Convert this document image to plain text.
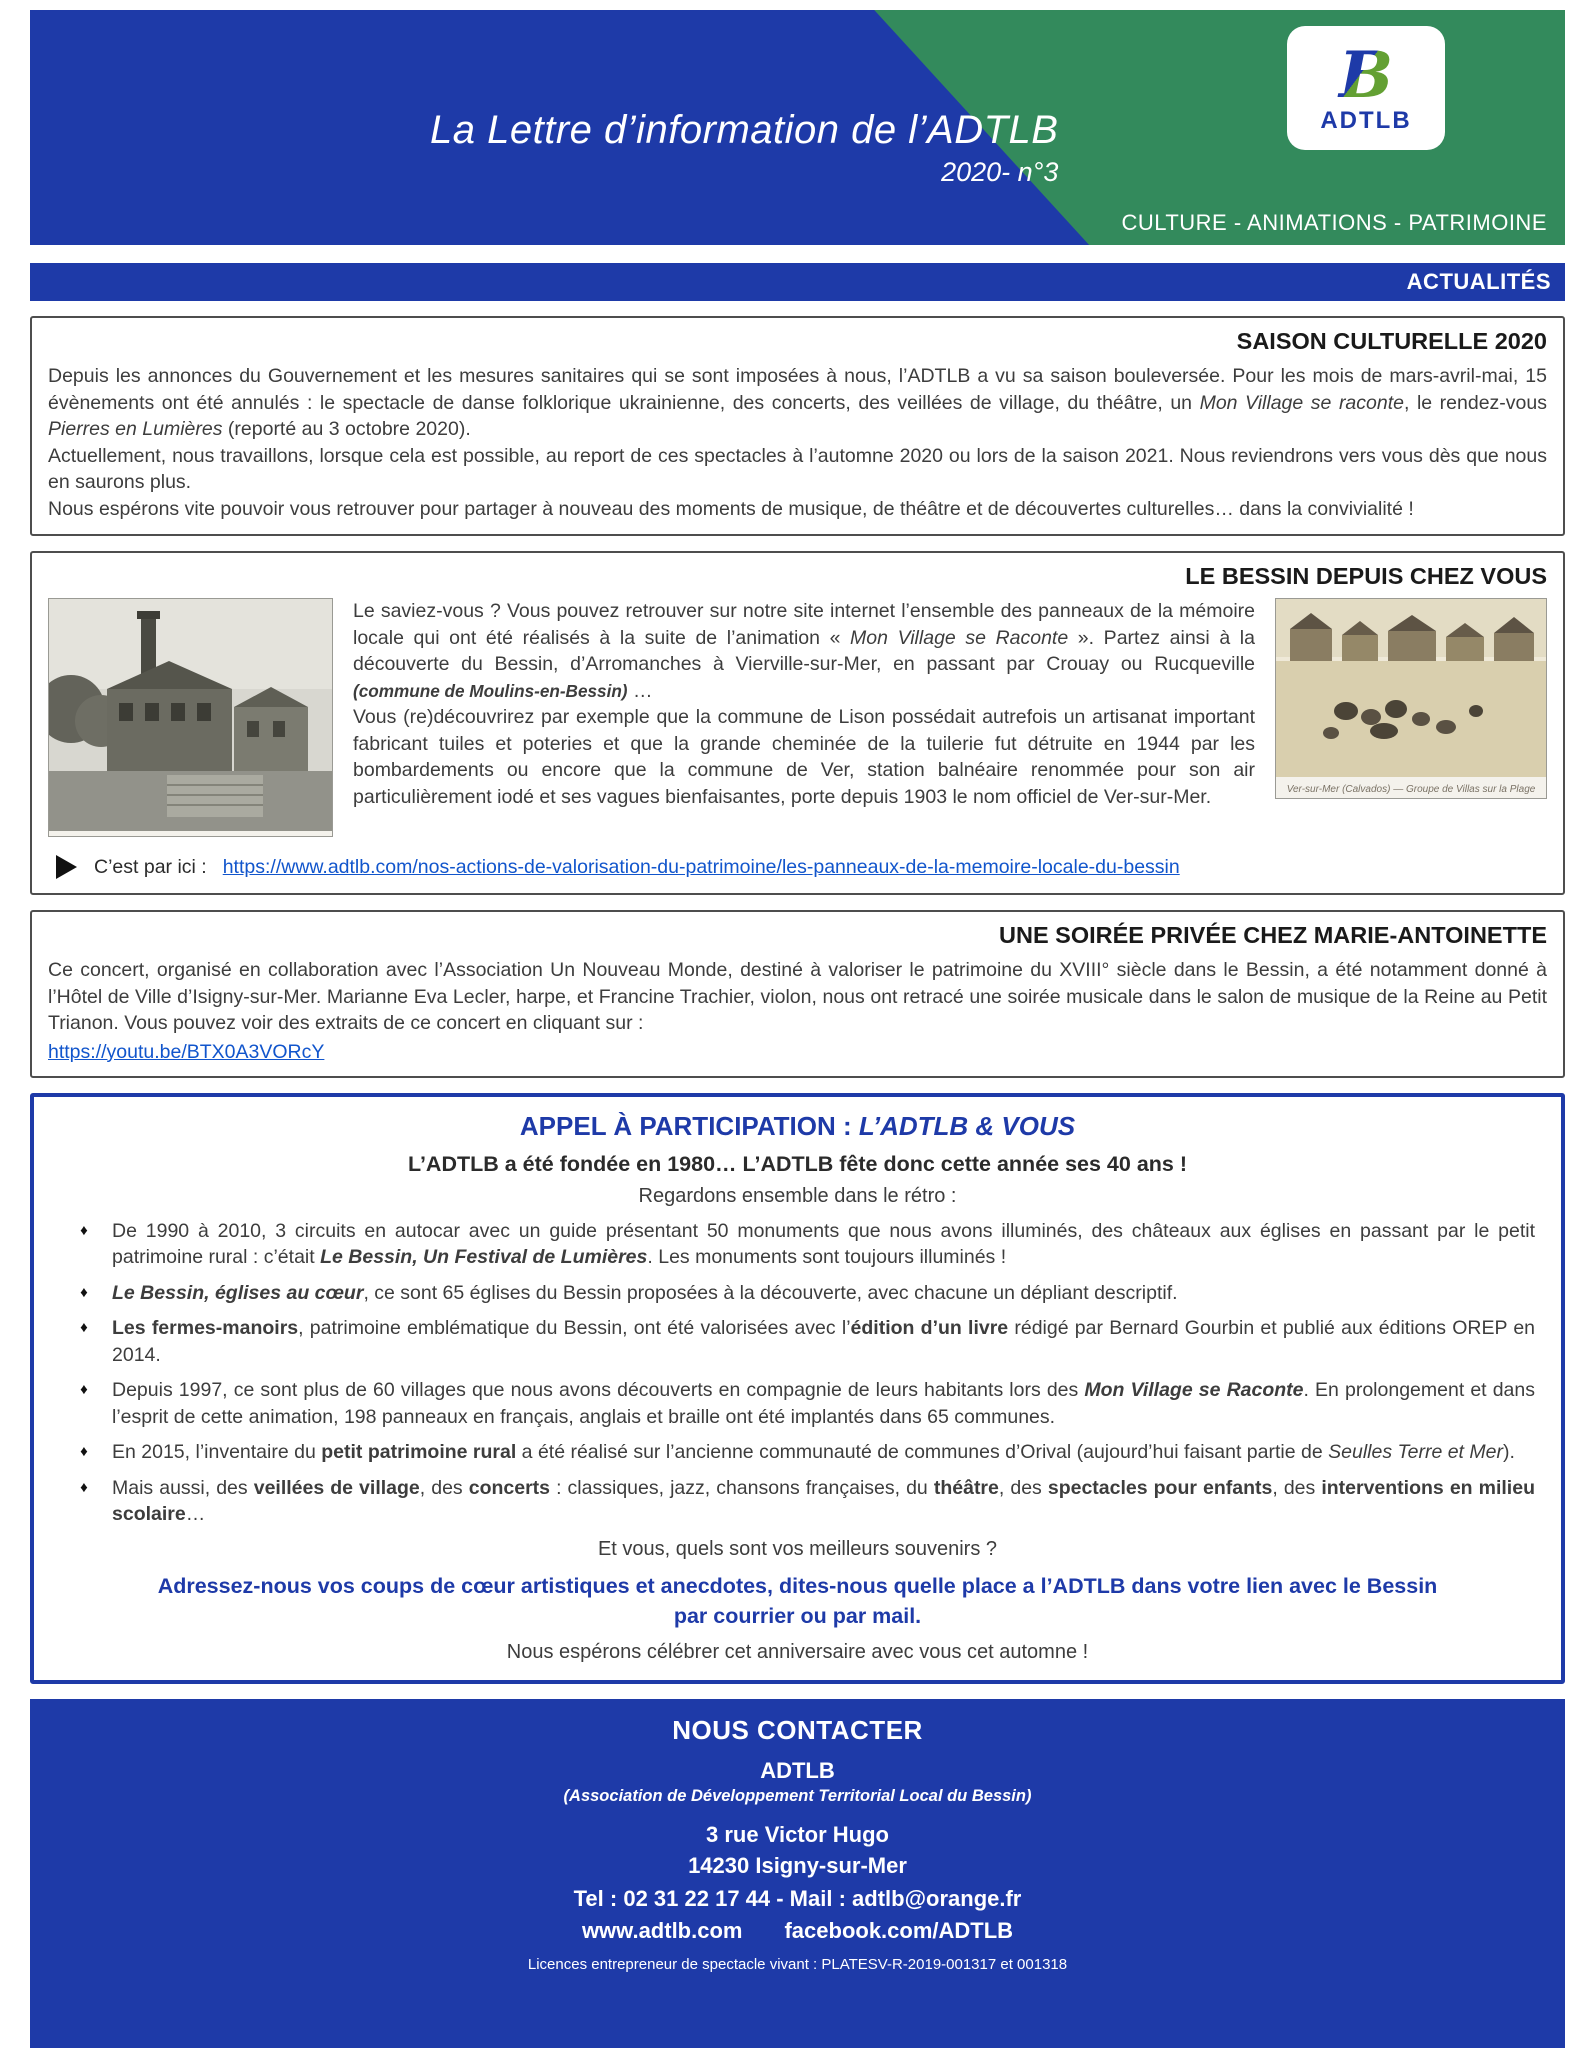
La Lettre d’information de l’ADTLB
2020- n°3
B
ADTLB
CULTURE - ANIMATIONS - PATRIMOINE
ACTUALITÉS
SAISON CULTURELLE 2020

Depuis les annonces du Gouvernement et les mesures sanitaires qui se sont imposées à nous, l’ADTLB a vu sa saison bouleversée. Pour les mois de mars-avril-mai, 15 évènements ont été annulés : le spectacle de danse folklorique ukrainienne, des concerts, des veillées de village, du théâtre, un Mon Village se raconte, le rendez-vous Pierres en Lumières (reporté au 3 octobre 2020).

Actuellement, nous travaillons, lorsque cela est possible, au report de ces spectacles à l’automne 2020 ou lors de la saison 2021. Nous reviendrons vers vous dès que nous en saurons plus.

Nous espérons vite pouvoir vous retrouver pour partager à nouveau des moments de musique, de théâtre et de découvertes culturelles… dans la convivialité !

LE BESSIN DEPUIS CHEZ VOUS

Le saviez-vous ? Vous pouvez retrouver sur notre site internet l’ensemble des panneaux de la mémoire locale qui ont été réalisés à la suite de l’animation « Mon Village se Raconte ». Partez ainsi à la découverte du Bessin, d’Arromanches à Vierville-sur-Mer, en passant par Crouay ou Rucqueville (commune de Moulins-en-Bessin) …

Vous (re)découvrirez par exemple que la commune de Lison possédait autrefois un artisanat important fabricant tuiles et poteries et que la grande cheminée de la tuilerie fut détruite en 1944 par les bombardements ou encore que la commune de Ver, station balnéaire renommée pour son air particulièrement iodé et ses vagues bienfaisantes, porte depuis 1903 le nom officiel de Ver-sur-Mer.	Ver-sur-Mer (Calvados) — Groupe de Villas sur la Plage
C’est par ici : https://www.adtlb.com/nos-actions-de-valorisation-du-patrimoine/les-panneaux-de-la-memoire-locale-du-bessin
UNE SOIRÉE PRIVÉE CHEZ MARIE-ANTOINETTE

Ce concert, organisé en collaboration avec l’Association Un Nouveau Monde, destiné à valoriser le patrimoine du XVIII° siècle dans le Bessin, a été notamment donné à l’Hôtel de Ville d’Isigny-sur-Mer. Marianne Eva Lecler, harpe, et Francine Trachier, violon, nous ont retracé une soirée musicale dans le salon de musique de la Reine au Petit Trianon. Vous pouvez voir des extraits de ce concert en cliquant sur :

https://youtu.be/BTX0A3VORcY
APPEL À PARTICIPATION : L’ADTLB & VOUS
L’ADTLB a été fondée en 1980… L’ADTLB fête donc cette année ses 40 ans !
Regardons ensemble dans le rétro :
♦	De 1990 à 2010, 3 circuits en autocar avec un guide présentant 50 monuments que nous avons illuminés, des châteaux aux églises en passant par le petit patrimoine rural : c’était Le Bessin, Un Festival de Lumières. Les monuments sont toujours illuminés !

♦	Le Bessin, églises au cœur, ce sont 65 églises du Bessin proposées à la découverte, avec chacune un dépliant descriptif.

♦	Les fermes-manoirs, patrimoine emblématique du Bessin, ont été valorisées avec l’édition d’un livre rédigé par Bernard Gourbin et publié aux éditions OREP en 2014.

♦	Depuis 1997, ce sont plus de 60 villages que nous avons découverts en compagnie de leurs habitants lors des Mon Village se Raconte. En prolongement et dans l’esprit de cette animation, 198 panneaux en français, anglais et braille ont été implantés dans 65 communes.

♦	En 2015, l’inventaire du petit patrimoine rural a été réalisé sur l’ancienne communauté de communes d’Orival (aujourd’hui faisant partie de Seulles Terre et Mer).

♦	Mais aussi, des veillées de village, des concerts : classiques, jazz, chansons françaises, du théâtre, des spectacles pour enfants, des interventions en milieu scolaire…

Et vous, quels sont vos meilleurs souvenirs ?
Adressez-nous vos coups de cœur artistiques et anecdotes, dites-nous quelle place a l’ADTLB dans votre lien avec le Bessin
par courrier ou par mail.
Nous espérons célébrer cet anniversaire avec vous cet automne !
NOUS CONTACTER
ADTLB
(Association de Développement Territorial Local du Bessin)
3 rue Victor Hugo
14230 Isigny-sur-Mer
Tel : 02 31 22 17 44 - Mail : adtlb@orange.fr
www.adtlb.com facebook.com/ADTLB
Licences entrepreneur de spectacle vivant : PLATESV-R-2019-001317 et 001318
